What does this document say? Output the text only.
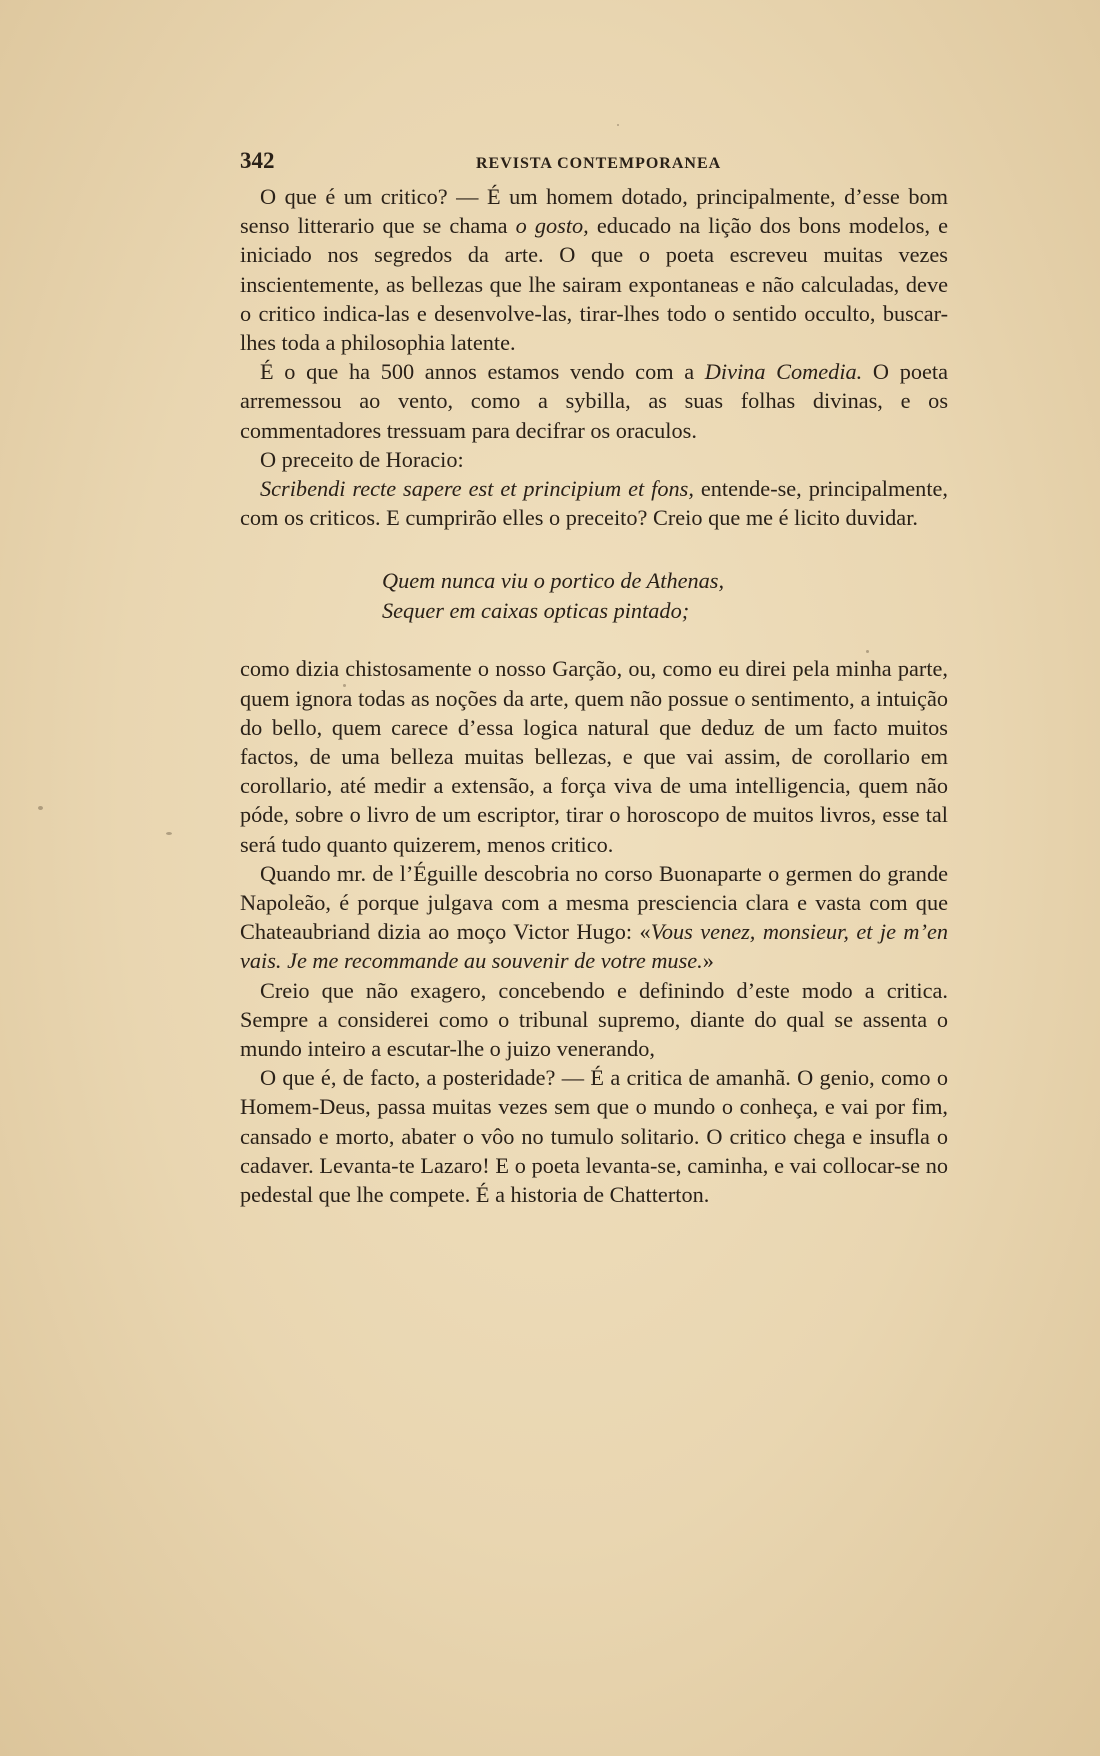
342	REVISTA CONTEMPORANEA

O que é um critico? — É um homem dotado, principalmente, d’esse bom senso litterario que se chama o gosto, educado na lição dos bons modelos, e iniciado nos segredos da arte. O que o poeta escreveu muitas vezes inscientemente, as bellezas que lhe sairam expontaneas e não calculadas, deve o critico indica-las e desenvolve-las, tirar-lhes todo o sentido occulto, buscar-lhes toda a philosophia latente.

É o que ha 500 annos estamos vendo com a Divina Comedia. O poeta arremessou ao vento, como a sybilla, as suas folhas divinas, e os commentadores tressuam para decifrar os oraculos.

O preceito de Horacio:

Scribendi recte sapere est et principium et fons, entende-se, principalmente, com os criticos. E cumprirão elles o preceito? Creio que me é licito duvidar.

Quem nunca viu o portico de Athenas,
Sequer em caixas opticas pintado;

como dizia chistosamente o nosso Garção, ou, como eu direi pela minha parte, quem ignora todas as noções da arte, quem não possue o sentimento, a intuição do bello, quem carece d’essa logica natural que deduz de um facto muitos factos, de uma belleza muitas bellezas, e que vai assim, de corollario em corollario, até medir a extensão, a força viva de uma intelligencia, quem não póde, sobre o livro de um escriptor, tirar o horoscopo de muitos livros, esse tal será tudo quanto quizerem, menos critico.

Quando mr. de l’Éguille descobria no corso Buonaparte o germen do grande Napoleão, é porque julgava com a mesma presciencia clara e vasta com que Chateaubriand dizia ao moço Victor Hugo: «Vous venez, monsieur, et je m’en vais. Je me recommande au souvenir de votre muse.»

Creio que não exagero, concebendo e definindo d’este modo a critica. Sempre a considerei como o tribunal supremo, diante do qual se assenta o mundo inteiro a escutar-lhe o juizo venerando,

O que é, de facto, a posteridade? — É a critica de amanhã. O genio, como o Homem-Deus, passa muitas vezes sem que o mundo o conheça, e vai por fim, cansado e morto, abater o vôo no tumulo solitario. O critico chega e insufla o cadaver. Levanta-te Lazaro! E o poeta levanta-se, caminha, e vai collocar-se no pedestal que lhe compete. É a historia de Chatterton.
